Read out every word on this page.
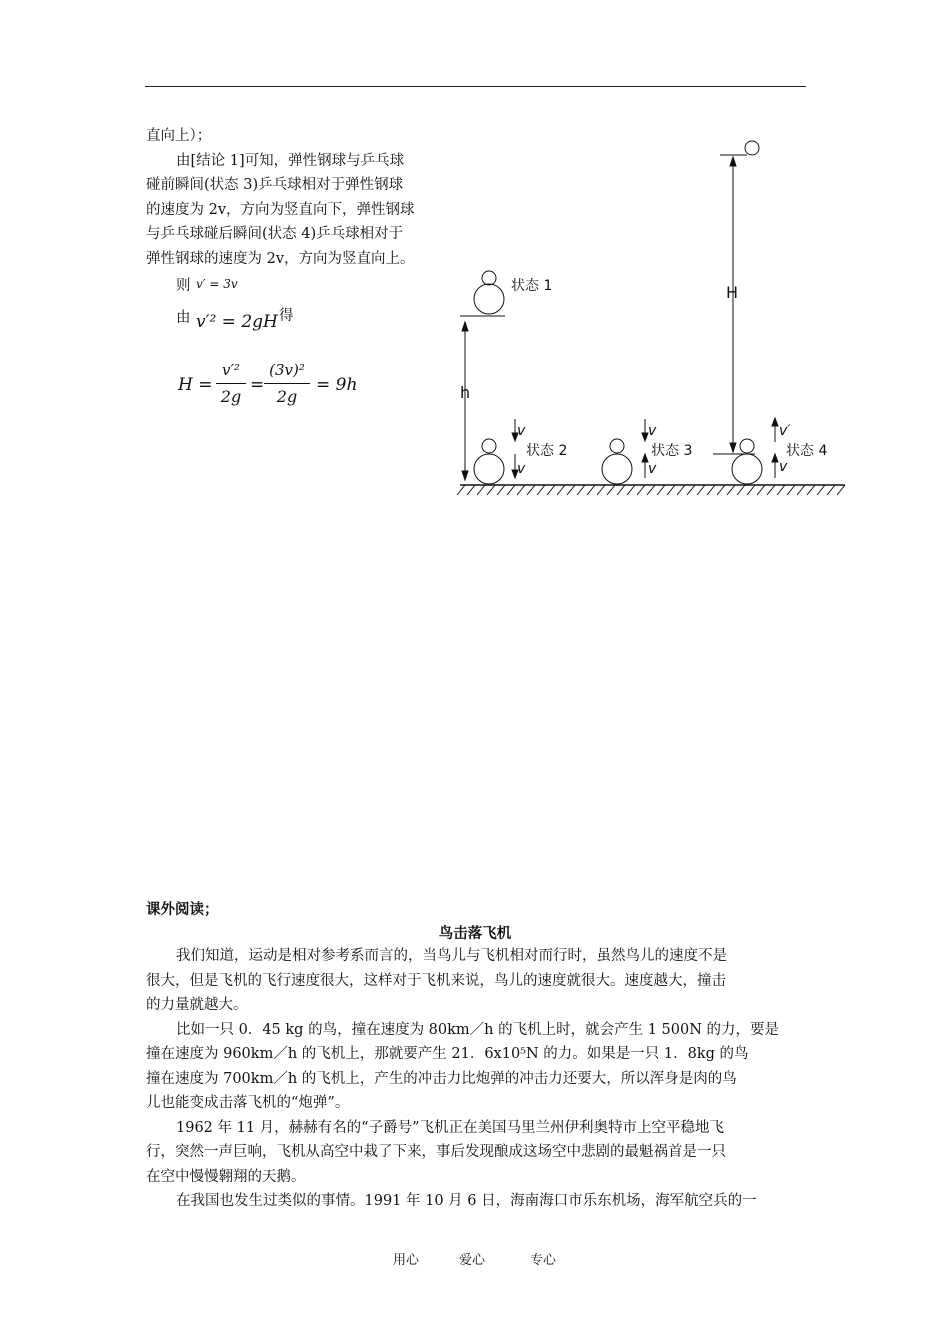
直向上）；
由[结论 1]可知，弹性钢球与乒乓球
碰前瞬间(状态 3)乒乓球相对于弹性钢球
的速度为 2v，方向为竖直向下，弹性钢球
与乒乓球碰后瞬间(状态 4)乒乓球相对于
弹性钢球的速度为 2v，方向为竖直向上。
则 v′ = 3v
由 v′² = 2gH 得
H =
v′²
2g
=
(3v)²
2g
= 9h
状态 1
h
状态 2
v
v
状态 3
v
v
状态 4
v′
v
H
课外阅读；
鸟击落飞机
我们知道，运动是相对参考系而言的，当鸟儿与飞机相对而行时，虽然鸟儿的速度不是
很大，但是飞机的飞行速度很大，这样对于飞机来说，鸟儿的速度就很大。速度越大，撞击
的力量就越大。
比如一只 0．45 kg 的鸟，撞在速度为 80km／h 的飞机上时，就会产生 1 500N 的力，要是
撞在速度为 960km／h 的飞机上，那就要产生 21．6x10⁵N 的力。如果是一只 1．8kg 的鸟
撞在速度为 700km／h 的飞机上，产生的冲击力比炮弹的冲击力还要大，所以浑身是肉的鸟
儿也能变成击落飞机的“炮弹”。
1962 年 11 月，赫赫有名的“子爵号”飞机正在美国马里兰州伊利奥特市上空平稳地飞
行，突然一声巨响，飞机从高空中栽了下来，事后发现酿成这场空中悲剧的最魁祸首是一只
在空中慢慢翱翔的天鹅。
在我国也发生过类似的事情。1991 年 10 月 6 日，海南海口市乐东机场，海军航空兵的一
用心	爱心	专心
